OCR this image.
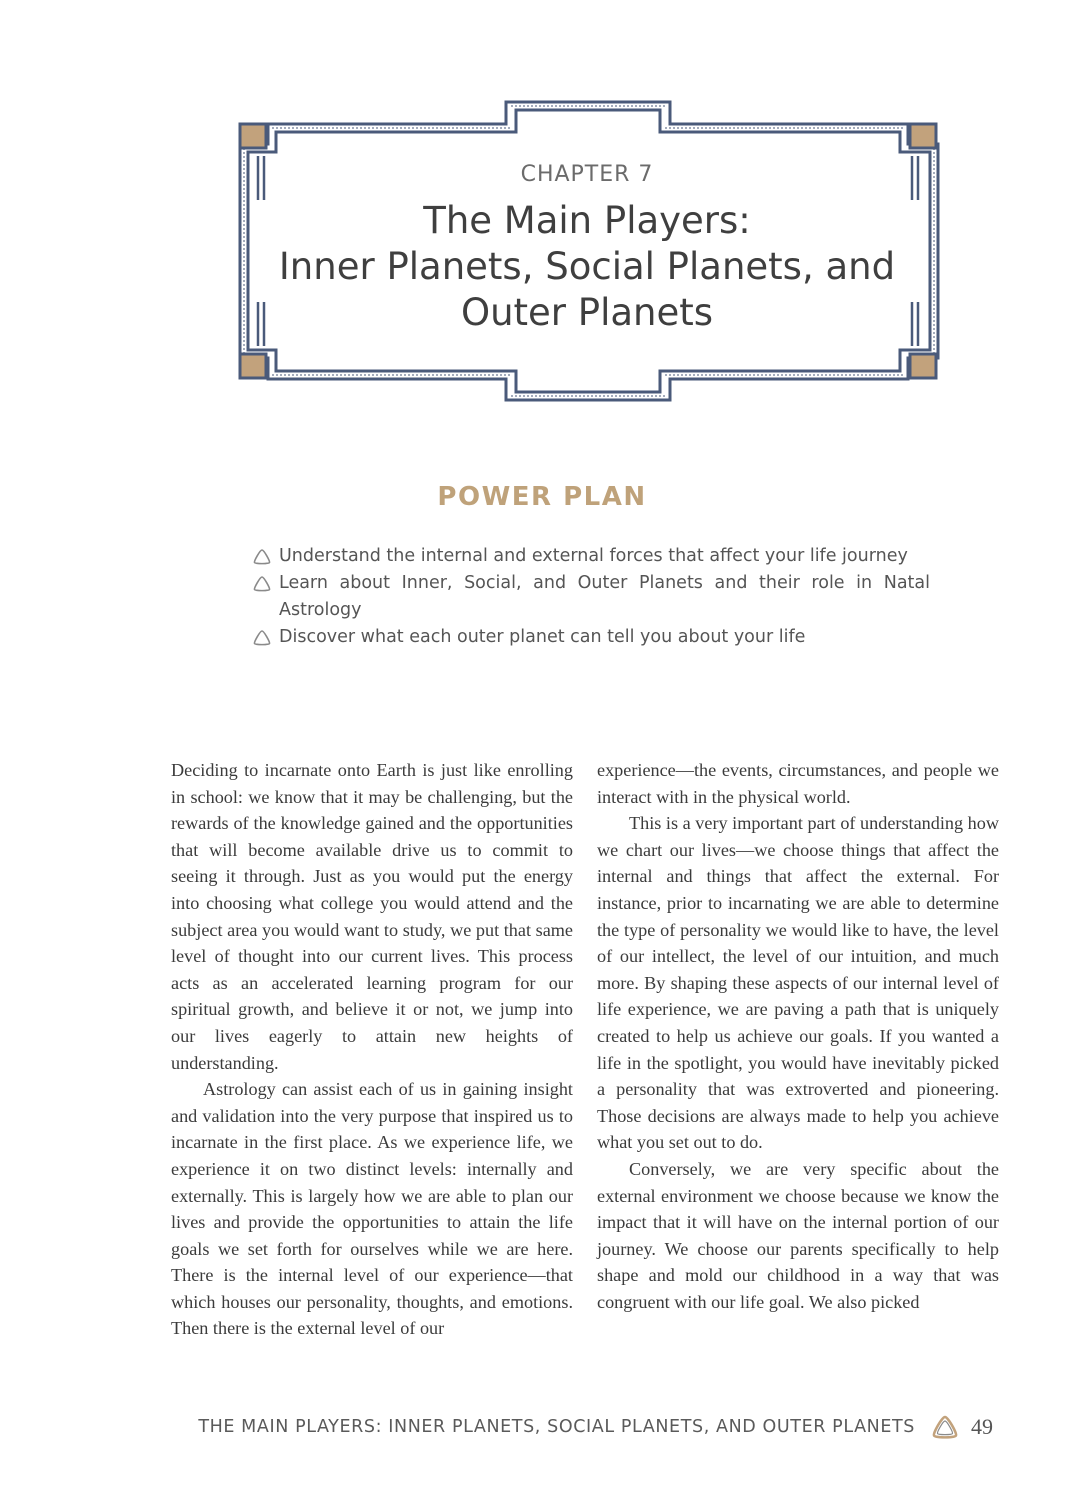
CHAPTER 7
The Main Players:
Inner Planets, Social Planets, and
Outer Planets
POWER PLAN
Understand the internal and external forces that affect your life journey
Learn about Inner, Social, and Outer Planets and their role in Natal Astrology
Discover what each outer planet can tell you about your life

Deciding to incarnate onto Earth is just like enrolling in school: we know that it may be challenging, but the rewards of the knowledge gained and the opportunities that will become available drive us to commit to seeing it through. Just as you would put the energy into choosing what college you would attend and the subject area you would want to study, we put that same level of thought into our current lives. This process acts as an accelerated learning program for our spiritual growth, and believe it or not, we jump into our lives eagerly to attain new heights of understanding.

Astrology can assist each of us in gaining insight and validation into the very purpose that inspired us to incarnate in the first place. As we experience life, we experience it on two distinct levels: internally and externally. This is largely how we are able to plan our lives and provide the opportunities to attain the life goals we set forth for ourselves while we are here. There is the internal level of our experience—that which houses our personality, thoughts, and emotions. Then there is the external level of our

experience—the events, circumstances, and people we interact with in the physical world.

This is a very important part of understanding how we chart our lives—we choose things that affect the internal and things that affect the external. For instance, prior to incarnating we are able to determine the type of personality we would like to have, the level of our intellect, the level of our intuition, and much more. By shaping these aspects of our internal level of life experience, we are paving a path that is uniquely created to help us achieve our goals. If you wanted a life in the spotlight, you would have inevitably picked a personality that was extroverted and pioneering. Those decisions are always made to help you achieve what you set out to do.

Conversely, we are very specific about the external environment we choose because we know the impact that it will have on the internal portion of our journey. We choose our parents specifically to help shape and mold our childhood in a way that was congruent with our life goal. We also picked

THE MAIN PLAYERS: INNER PLANETS, SOCIAL PLANETS, AND OUTER PLANETS	49
